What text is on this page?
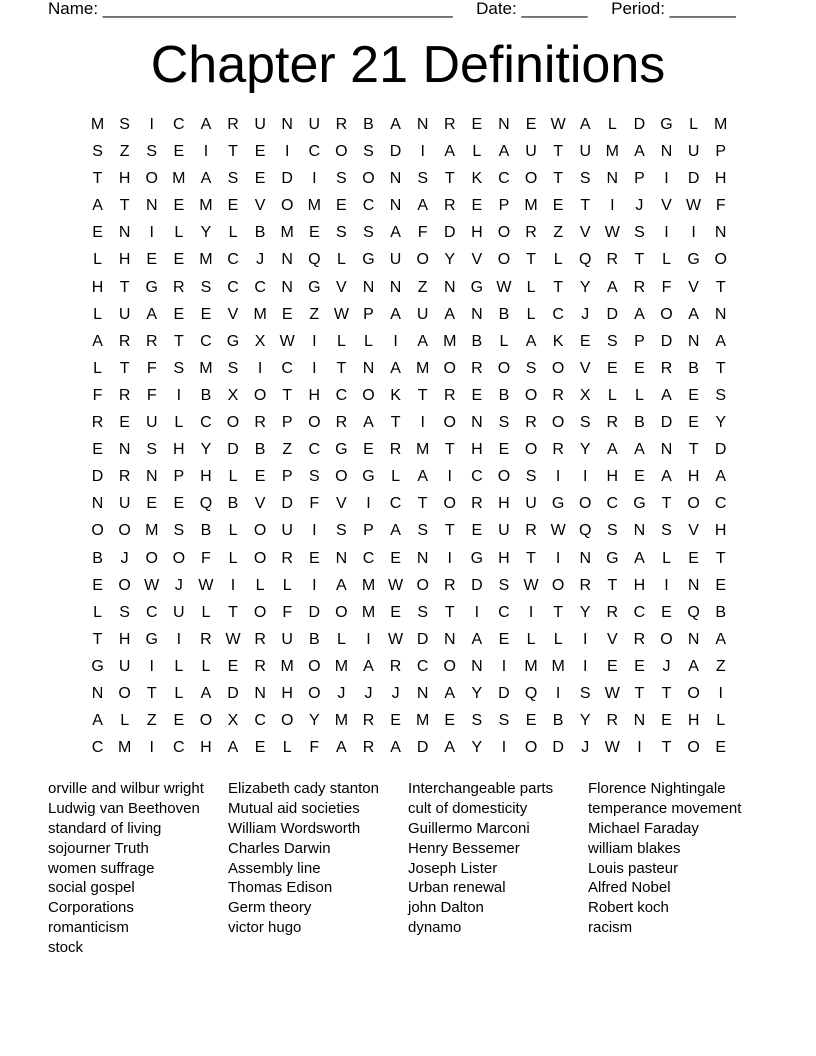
Name: _____________________________________ Date: _______ Period: _______
Chapter 21 Definitions
M S	I	C A R U N U R B	A N R E N E W A	L	D G	L M
S	Z	S	E	I	T	E	I	C O S D	I	A	L	A U	T	U M A N U P
T	H O M A	S	E D	I	S O N S	T	K C O T	S N P	I	D H
A	T	N E M E	V O M E C N A R E	P M E	T	I	J	V W F
E N	I	L	Y	L	B M E	S	S	A	F	D H O R	Z	V W S	I	I	N
L	H E	E M C	J	N Q	L	G U O Y	V O T	L	Q R	T	L	G O
H	T G R S C C N G V N N	Z	N G W L	T	Y	A R	F	V	T
L	U A	E	E	V M E	Z W P	A U A N B	L	C	J	D A O A N
A R R	T	C G X W	I	L	L	I	A M B	L	A	K	E	S	P D N A
L	T	F	S M S	I	C	I	T	N A M O R O S O V	E	E R B	T
F	R	F	I	B	X O T	H C O K	T	R E	B O R X	L	L	A	E	S
R E U	L	C O R P O R A	T	I	O N S R O S R B D E	Y
E N S H Y D B	Z	C G E R M T	H E O R Y	A	A N	T	D
D R N P H	L	E	P	S O G	L	A	I	C O S	I	I	H E	A H A
N U E	E Q B	V D	F	V	I	C	T O R H U G O C G T O C
O O M S	B	L	O U	I	S	P	A	S	T	E U R W Q S N S	V H
B	J	O O F	L	O R E N C E N	I	G H	T	I	N G A	L	E	T
E O W J W	I	L	L	I	A M W O R D S W O R	T	H	I	N E
L	S C U	L	T O F	D O M E	S	T	I	C	I	T	Y R C E Q B
T	H G	I	R W R U B	L	I	W D N A	E	L	L	I	V R O N A
G U	I	L	L	E R M O M A R C O N	I	M M	I	E	E	J	A	Z
N O T	L	A D N H O	J	J	J	N A	Y D Q	I	S W T	T O	I
A	L	Z	E O X C O Y M R E M E	S	S	E	B	Y R N E H	L
C M	I	C H A	E	L	F	A R A D A	Y	I	O D	J W	I	T O E
orville and wilbur wright
Ludwig van Beethoven
standard of living
sojourner Truth
women suffrage
social gospel
Corporations
romanticism
stock
Elizabeth cady stanton
Mutual aid societies
William Wordsworth
Charles Darwin
Assembly line
Thomas Edison
Germ theory
victor hugo
Interchangeable parts
cult of domesticity
Guillermo Marconi
Henry Bessemer
Joseph Lister
Urban renewal
john Dalton
dynamo
Florence Nightingale
temperance movement
Michael Faraday
william blakes
Louis pasteur
Alfred Nobel
Robert koch
racism
